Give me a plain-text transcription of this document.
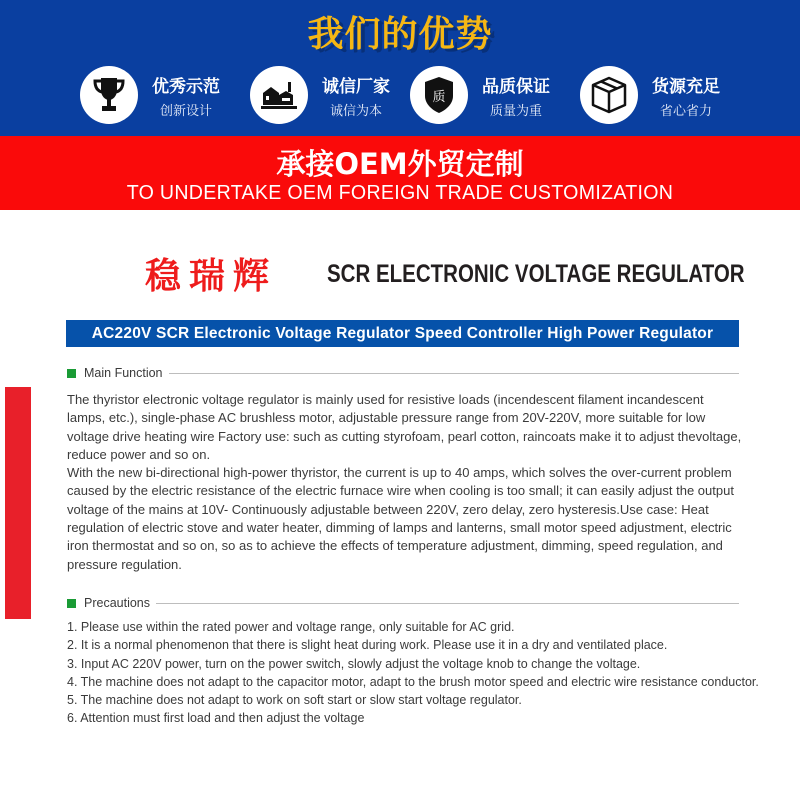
我们的优势
优秀示范
创新设计
诚信厂家
诚信为本
质
品质保证
质量为重
货源充足
省心省力
承接OEM外贸定制
TO UNDERTAKE OEM FOREIGN TRADE CUSTOMIZATION
稳瑞辉 SCR ELECTRONIC VOLTAGE REGULATOR
AC220V SCR Electronic Voltage Regulator Speed Controller High Power Regulator
Main Function
The thyristor electronic voltage regulator is mainly used for resistive loads (incendescent filament incandescent lamps, etc.), single-phase AC brushless motor, adjustable pressure range from 20V-220V, more suitable for low voltage drive heating wire Factory use: such as cutting styrofoam, pearl cotton, raincoats make it to adjust thevoltage, reduce power and so on.
With the new bi-directional high-power thyristor, the current is up to 40 amps, which solves the over-current problem caused by the electric resistance of the electric furnace wire when cooling is too small; it can easily adjust the output voltage of the mains at 10V- Continuously adjustable between 220V, zero delay, zero hysteresis.Use case: Heat regulation of electric stove and water heater, dimming of lamps and lanterns, small motor speed adjustment, electric iron thermostat and so on, so as to achieve the effects of temperature adjustment, dimming, speed regulation, and pressure regulation.
Precautions
1. Please use within the rated power and voltage range, only suitable for AC grid.
2. It is a normal phenomenon that there is slight heat during work. Please use it in a dry and ventilated place.
3. Input AC 220V power, turn on the power switch, slowly adjust the voltage knob to change the voltage.
4. The machine does not adapt to the capacitor motor, adapt to the brush motor speed and electric wire resistance conductor.
5. The machine does not adapt to work on soft start or slow start voltage regulator.
6. Attention must first load and then adjust the voltage
